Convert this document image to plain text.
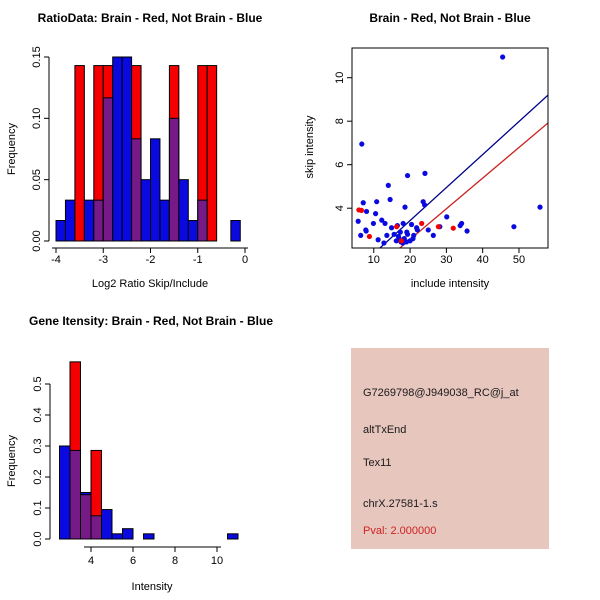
-4	-3	-2	-1	0
0.00
0.05
0.10
0.15
RatioData: Brain - Red, Not Brain - Blue
Log2 Ratio Skip/Include
Frequency
10 20 30 40 50
4
6
8
10
Brain - Red, Not Brain - Blue
include intensity
skip intensity
4	6	8	10
0.0
0.1
0.2
0.3
0.4
0.5
Gene Itensity: Brain - Red, Not Brain - Blue
Intensity
Frequency
G7269798@J949038_RC@j_at
altTxEnd
Tex11
chrX.27581-1.s
Pval: 2.000000
